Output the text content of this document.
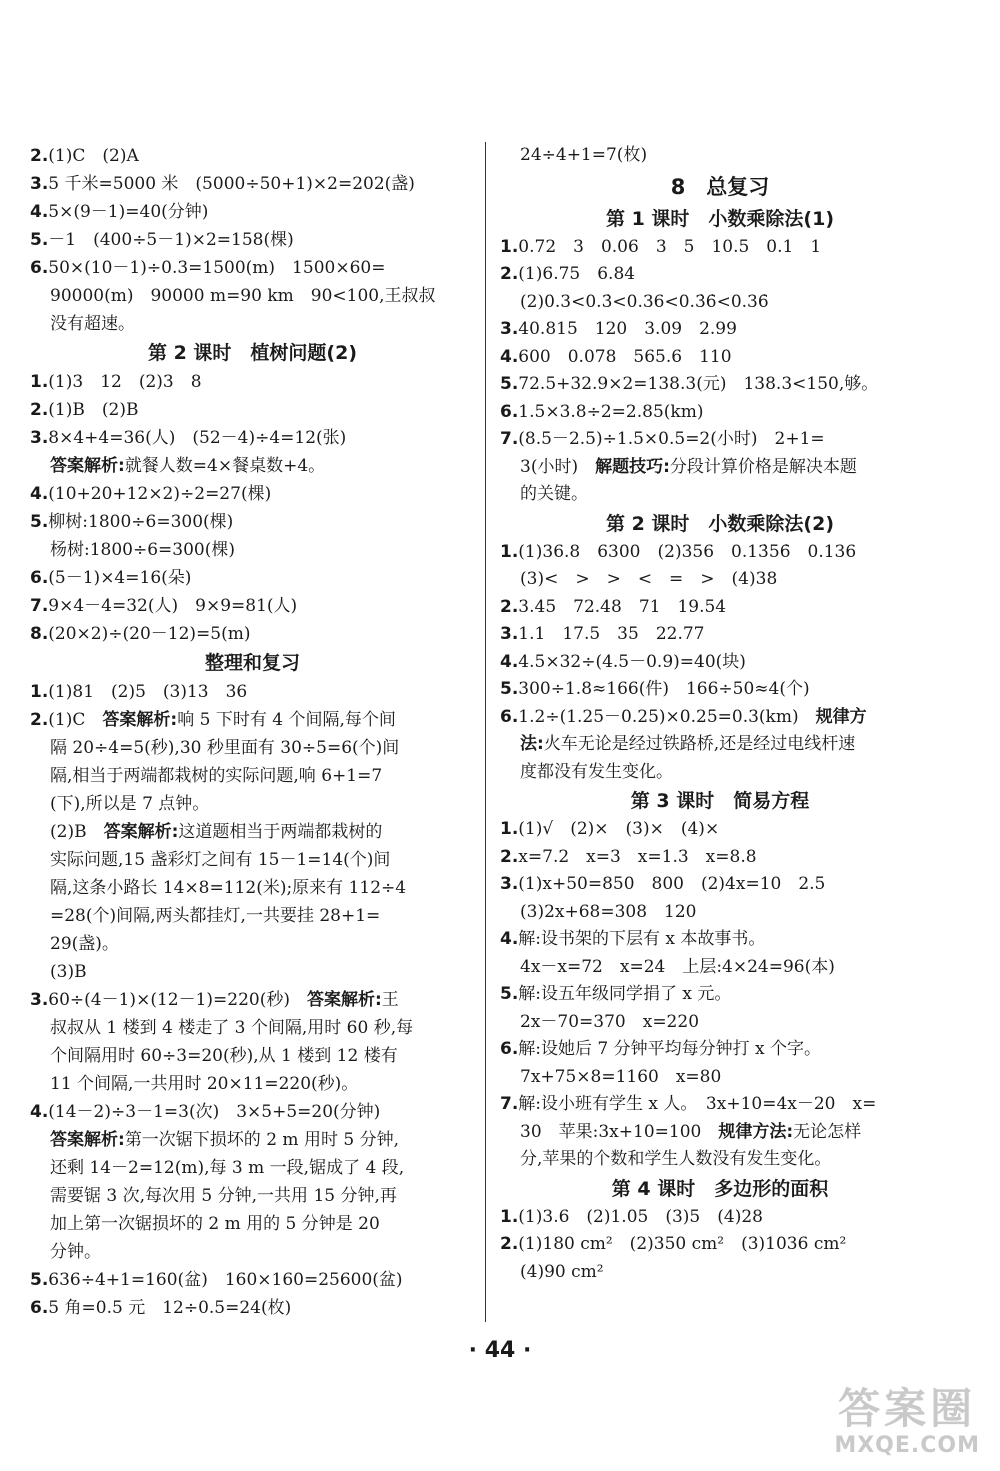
2.(1)C　(2)A
3.5 千米=5000 米　(5000÷50+1)×2=202(盏)
4.5×(9－1)=40(分钟)
5.－1　(400÷5－1)×2=158(棵)
6.50×(10－1)÷0.3=1500(m)　1500×60=
90000(m)　90000 m=90 km　90<100,王叔叔
没有超速。
第 2 课时　植树问题(2)
1.(1)3　12　(2)3　8
2.(1)B　(2)B
3.8×4+4=36(人)　(52－4)÷4=12(张)
答案解析:就餐人数=4×餐桌数+4。
4.(10+20+12×2)÷2=27(棵)
5.柳树:1800÷6=300(棵)
杨树:1800÷6=300(棵)
6.(5－1)×4=16(朵)
7.9×4－4=32(人)　9×9=81(人)
8.(20×2)÷(20－12)=5(m)
整理和复习
1.(1)81　(2)5　(3)13　36
2.(1)C　答案解析:响 5 下时有 4 个间隔,每个间
隔 20÷4=5(秒),30 秒里面有 30÷5=6(个)间
隔,相当于两端都栽树的实际问题,响 6+1=7
(下),所以是 7 点钟。
(2)B　答案解析:这道题相当于两端都栽树的
实际问题,15 盏彩灯之间有 15－1=14(个)间
隔,这条小路长 14×8=112(米);原来有 112÷4
=28(个)间隔,两头都挂灯,一共要挂 28+1=
29(盏)。
(3)B
3.60÷(4－1)×(12－1)=220(秒)　答案解析:王
叔叔从 1 楼到 4 楼走了 3 个间隔,用时 60 秒,每
个间隔用时 60÷3=20(秒),从 1 楼到 12 楼有
11 个间隔,一共用时 20×11=220(秒)。
4.(14－2)÷3－1=3(次)　3×5+5=20(分钟)
答案解析:第一次锯下损坏的 2 m 用时 5 分钟,
还剩 14－2=12(m),每 3 m 一段,锯成了 4 段,
需要锯 3 次,每次用 5 分钟,一共用 15 分钟,再
加上第一次锯损坏的 2 m 用的 5 分钟是 20
分钟。
5.636÷4+1=160(盆)　160×160=25600(盆)
6.5 角=0.5 元　12÷0.5=24(枚)
24÷4+1=7(枚)
8　总复习
第 1 课时　小数乘除法(1)
1.0.72　3　0.06　3　5　10.5　0.1　1
2.(1)6.75　6.84
(2)0.3<0.3̇<0.36<0.3̇6̇<0.36̇
3.40.815　120　3.09　2.99
4.600　0.078　565.6　110
5.72.5+32.9×2=138.3(元)　138.3<150,够。
6.1.5×3.8÷2=2.85(km)
7.(8.5－2.5)÷1.5×0.5=2(小时)　2+1=
3(小时)　解题技巧:分段计算价格是解决本题
的关键。
第 2 课时　小数乘除法(2)
1.(1)36.8　6300　(2)356　0.13̇56̇　0.136
(3)<　>　>　<　=　>　(4)38
2.3.45　72.48　71　19.54
3.1.1　17.5　35　22.77
4.4.5×32÷(4.5－0.9)=40(块)
5.300÷1.8≈166(件)　166÷50≈4(个)
6.1.2÷(1.25－0.25)×0.25=0.3(km)　规律方
法:火车无论是经过铁路桥,还是经过电线杆速
度都没有发生变化。
第 3 课时　简易方程
1.(1)√　(2)×　(3)×　(4)×
2.x=7.2　x=3　x=1.3　x=8.8
3.(1)x+50=850　800　(2)4x=10　2.5
(3)2x+68=308　120
4.解:设书架的下层有 x 本故事书。
4x－x=72　x=24　上层:4×24=96(本)
5.解:设五年级同学捐了 x 元。
2x－70=370　x=220
6.解:设她后 7 分钟平均每分钟打 x 个字。
7x+75×8=1160　x=80
7.解:设小班有学生 x 人。　3x+10=4x－20　x=
30　苹果:3x+10=100　规律方法:无论怎样
分,苹果的个数和学生人数没有发生变化。
第 4 课时　多边形的面积
1.(1)3.6　(2)1.05　(3)5　(4)28
2.(1)180 cm²　(2)350 cm²　(3)1036 cm²
(4)90 cm²
· 44 ·
答案圈
MXQE.COM
